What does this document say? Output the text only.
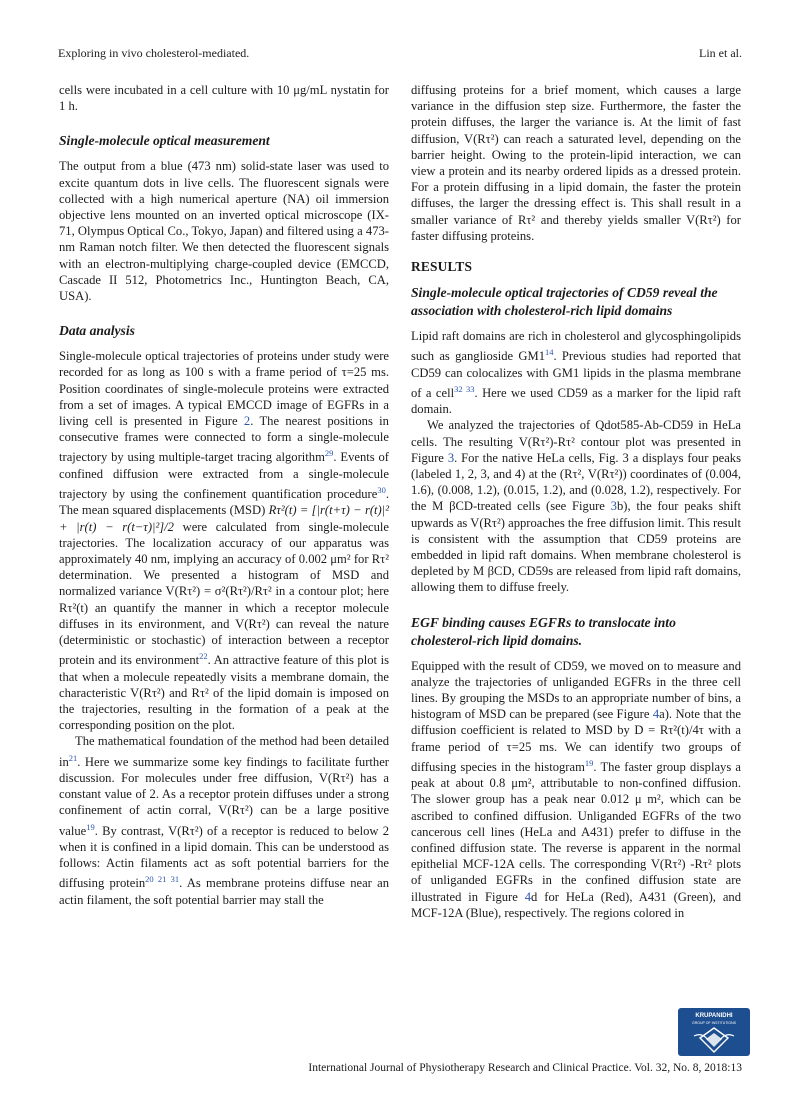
Exploring in vivo cholesterol-mediated.	Lin et al.

cells were incubated in a cell culture with 10 μg/mL nystatin for 1 h.

Single-molecule optical measurement

The output from a blue (473 nm) solid-state laser was used to excite quantum dots in live cells. The fluorescent signals were collected with a high numerical aperture (NA) oil immersion objective lens mounted on an inverted optical microscope (IX-71, Olympus Optical Co., Tokyo, Japan) and filtered using a 473-nm Raman notch filter. We then detected the fluorescent signals with an electron-multiplying charge-coupled device (EMCCD, Cascade II 512, Photometrics Inc., Huntington Beach, CA, USA).

Data analysis

Single-molecule optical trajectories of proteins under study were recorded for as long as 100 s with a frame period of τ=25 ms. Position coordinates of single-molecule proteins were extracted from a set of images. A typical EMCCD image of EGFRs in a living cell is presented in Figure 2. The nearest positions in consecutive frames were connected to form a single-molecule trajectory by using multiple-target tracing algorithm$^{29}$. Events of confined diffusion were extracted from a single-molecule trajectory by using the confinement quantification procedure$^{30}$. The mean squared displacements (MSD) Rτ²(t) = [|r(t+τ) − r(t)|² + |r(t) − r(t−τ)|²]/2 were calculated from single-molecule trajectories. The localization accuracy of our apparatus was approximately 40 nm, implying an accuracy of 0.002 μm² for Rτ² determination. We presented a histogram of MSD and normalized variance V(Rτ²) = σ²(Rτ²)/Rτ² in a contour plot; here Rτ²(t) an quantify the manner in which a receptor molecule diffuses in its environment, and V(Rτ²) can reveal the nature (deterministic or stochastic) of interaction between a receptor protein and its environment$^{22}$. An attractive feature of this plot is that when a molecule repeatedly visits a membrane domain, the characteristic V(Rτ²) and Rτ² of the lipid domain is imposed on the trajectories, resulting in the formation of a peak at the corresponding position on the plot.

The mathematical foundation of the method had been detailed in$^{21}$. Here we summarize some key findings to facilitate further discussion. For molecules under free diffusion, V(Rτ²) has a constant value of 2. As a receptor protein diffuses under a strong confinement of actin corral, V(Rτ²) can be a large positive value$^{19}$. By contrast, V(Rτ²) of a receptor is reduced to below 2 when it is confined in a lipid domain. This can be understood as follows: Actin filaments act as soft potential barriers for the diffusing protein$^{20 21 31}$. As membrane proteins diffuse near an actin filament, the soft potential barrier may stall the

diffusing proteins for a brief moment, which causes a large variance in the diffusion step size. Furthermore, the faster the protein diffuses, the larger the variance is. At the limit of fast diffusion, V(Rτ²) can reach a saturated level, depending on the barrier height. Owing to the protein-lipid interaction, we can view a protein and its nearby ordered lipids as a dressed protein. For a protein diffusing in a lipid domain, the faster the protein diffuses, the larger the dressing effect is. This shall result in a smaller variance of Rτ² and thereby yields smaller V(Rτ²) for faster diffusing proteins.

RESULTS
Single-molecule optical trajectories of CD59 reveal the association with cholesterol-rich lipid domains

Lipid raft domains are rich in cholesterol and glycosphingolipids such as ganglioside GM1$^{14}$. Previous studies had reported that CD59 can colocalizes with GM1 lipids in the plasma membrane of a cell$^{32 33}$. Here we used CD59 as a marker for the lipid raft domain.

We analyzed the trajectories of Qdot585-Ab-CD59 in HeLa cells. The resulting V(Rτ²)-Rτ² contour plot was presented in Figure 3. For the native HeLa cells, Fig. 3 a displays four peaks (labeled 1, 2, 3, and 4) at the (Rτ², V(Rτ²)) coordinates of (0.004, 1.6), (0.008, 1.2), (0.015, 1.2), and (0.028, 1.2), respectively. For the M βCD-treated cells (see Figure 3b), the four peaks shift upwards as V(Rτ²) approaches the free diffusion limit. This result is consistent with the assumption that CD59 proteins are embedded in lipid raft domains. When membrane cholesterol is depleted by M βCD, CD59s are released from lipid raft domains, allowing them to diffuse freely.

EGF binding causes EGFRs to translocate into cholesterol-rich lipid domains.

Equipped with the result of CD59, we moved on to measure and analyze the trajectories of unliganded EGFRs in the three cell lines. By grouping the MSDs to an appropriate number of bins, a histogram of MSD can be prepared (see Figure 4a). Note that the diffusion coefficient is related to MSD by D = Rτ²(t)/4τ with a frame period of τ=25 ms. We can identify two groups of diffusing species in the histogram$^{19}$. The faster group displays a peak at about 0.8 μm², attributable to non-confined diffusion. The slower group has a peak near 0.012 μ m², which can be ascribed to confined diffusion. Unliganded EGFRs of the two cancerous cell lines (HeLa and A431) prefer to diffuse in the confined diffusion state. The reverse is apparent in the normal epithelial MCF-12A cells. The corresponding V(Rτ²) -Rτ² plots of unliganded EGFRs in the confined diffusion state are illustrated in Figure 4d for HeLa (Red), A431 (Green), and MCF-12A (Blue), respectively. The regions colored in

KRUPANIDHI
GROUP OF INSTITUTIONS
International Journal of Physiotherapy Research and Clinical Practice. Vol. 32, No. 8, 2018:13
